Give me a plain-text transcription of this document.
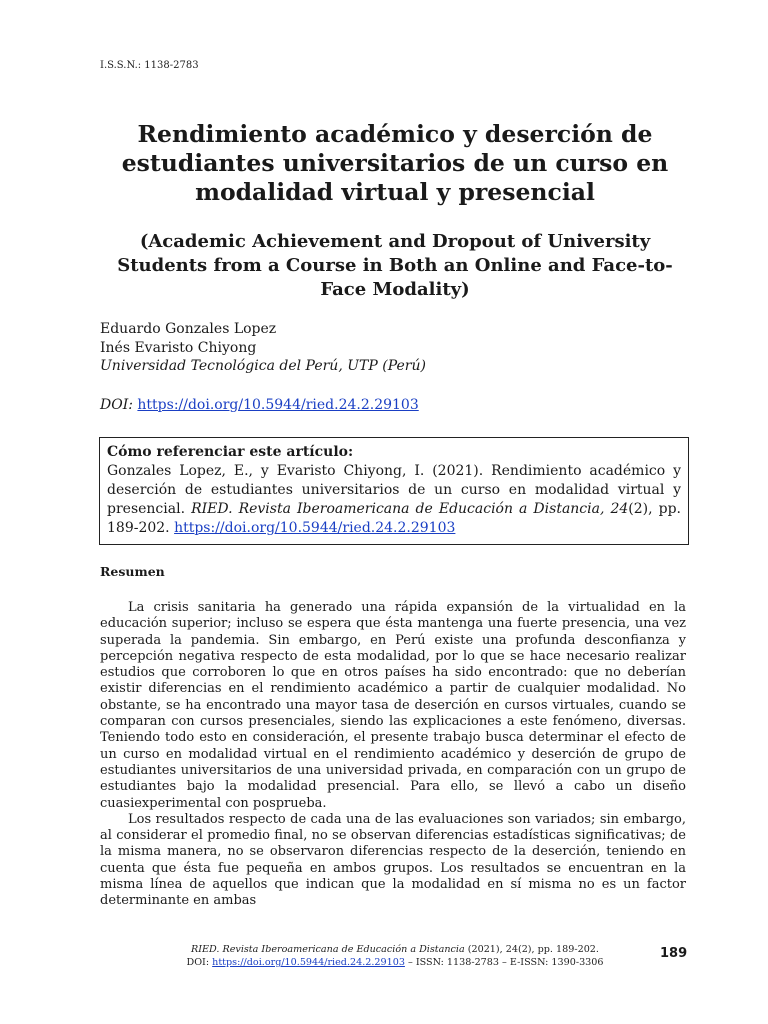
I.S.S.N.: 1138-2783
Rendimiento académico y deserción de
estudiantes universitarios de un curso en
modalidad virtual y presencial
(Academic Achievement and Dropout of University
Students from a Course in Both an Online and Face-to-
Face Modality)
Eduardo Gonzales Lopez
Inés Evaristo Chiyong
Universidad Tecnológica del Perú, UTP (Perú)
DOI: https://doi.org/10.5944/ried.24.2.29103
Cómo referenciar este artículo:
Gonzales Lopez, E., y Evaristo Chiyong, I. (2021). Rendimiento académico y deserción de estudiantes universitarios de un curso en modalidad virtual y presencial. RIED. Revista Iberoamericana de Educación a Distancia, 24(2), pp. 189-202. https://doi.org/10.5944/ried.24.2.29103
Resumen

La crisis sanitaria ha generado una rápida expansión de la virtualidad en la educación superior; incluso se espera que ésta mantenga una fuerte presencia, una vez superada la pandemia. Sin embargo, en Perú existe una profunda desconfianza y percepción negativa respecto de esta modalidad, por lo que se hace necesario realizar estudios que corroboren lo que en otros países ha sido encontrado: que no deberían existir diferencias en el rendimiento académico a partir de cualquier modalidad. No obstante, se ha encontrado una mayor tasa de deserción en cursos virtuales, cuando se comparan con cursos presenciales, siendo las explicaciones a este fenómeno, diversas. Teniendo todo esto en consideración, el presente trabajo busca determinar el efecto de un curso en modalidad virtual en el rendimiento académico y deserción de grupo de estudiantes universitarios de una universidad privada, en comparación con un grupo de estudiantes bajo la modalidad presencial. Para ello, se llevó a cabo un diseño cuasiexperimental con posprueba.

Los resultados respecto de cada una de las evaluaciones son variados; sin embargo, al considerar el promedio final, no se observan diferencias estadísticas significativas; de la misma manera, no se observaron diferencias respecto de la deserción, teniendo en cuenta que ésta fue pequeña en ambos grupos. Los resultados se encuentran en la misma línea de aquellos que indican que la modalidad en sí misma no es un factor determinante en ambas

RIED. Revista Iberoamericana de Educación a Distancia (2021), 24(2), pp. 189-202.
DOI: https://doi.org/10.5944/ried.24.2.29103 – ISSN: 1138-2783 – E-ISSN: 1390-3306
189
